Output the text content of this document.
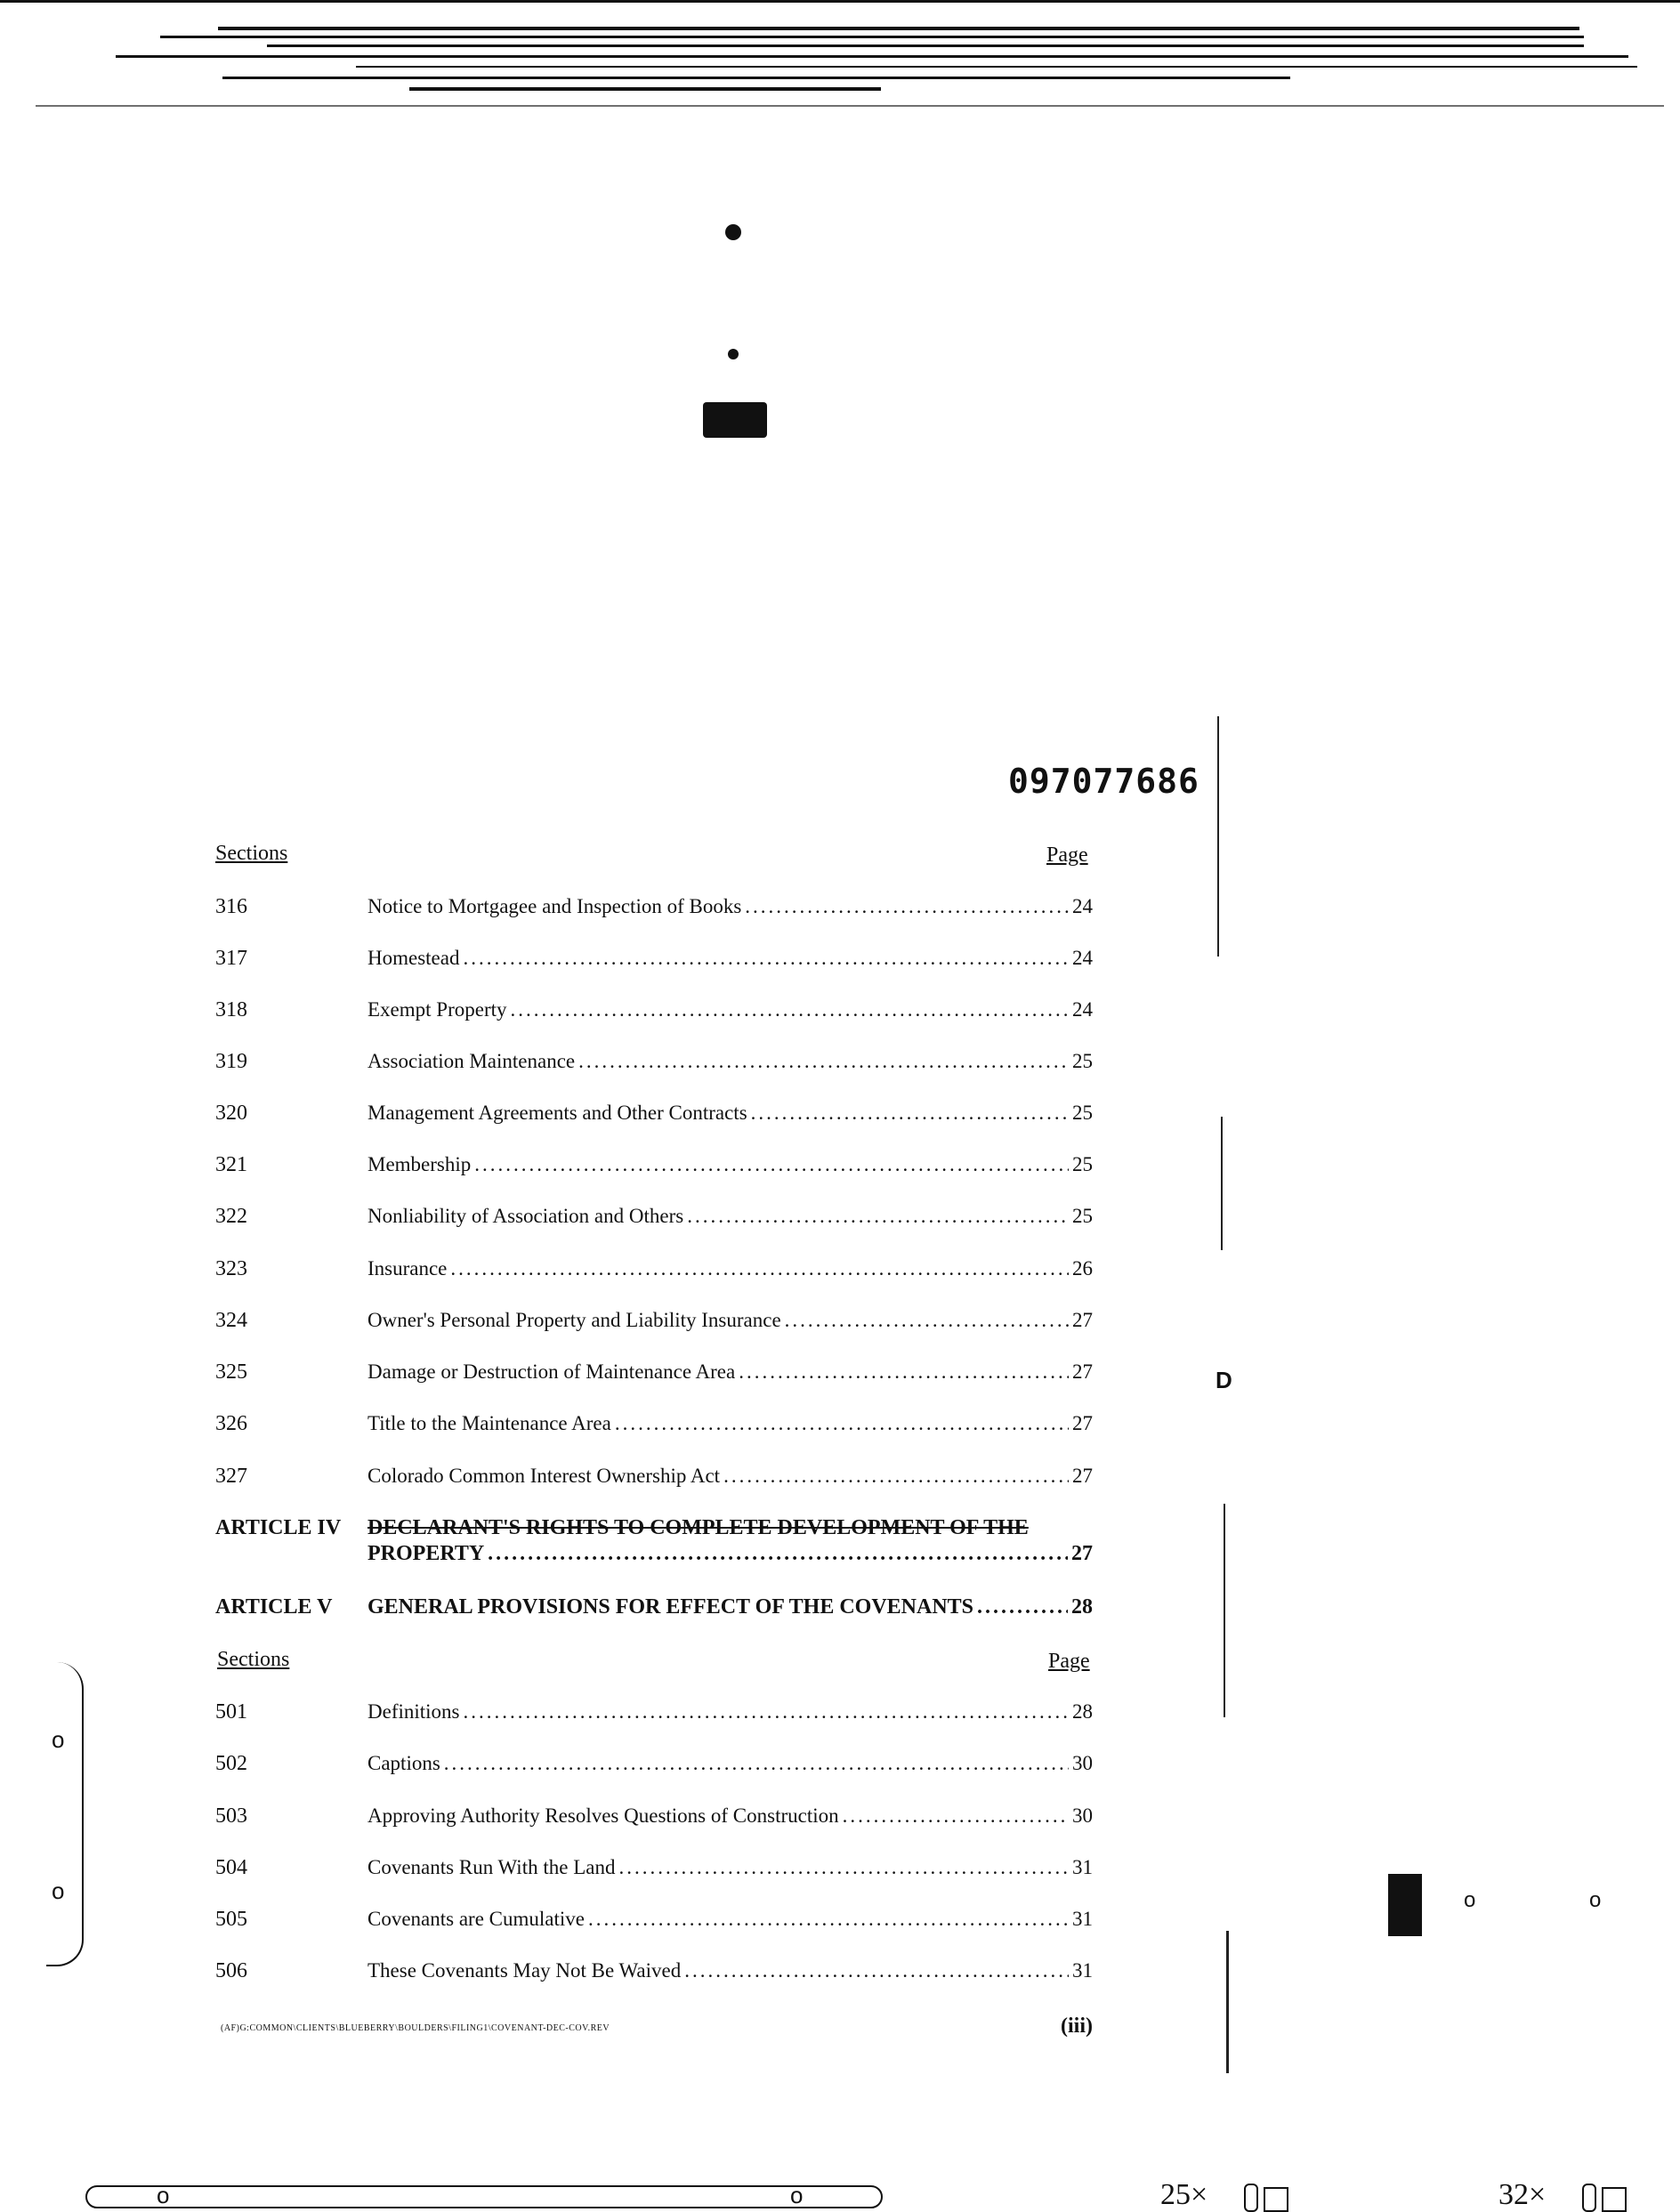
097077686
Sections	Page
316	Notice to Mortgagee and Inspection of Books .....	24
317	Homestead .....	24
318	Exempt Property .....	24
319	Association Maintenance .....	25
320	Management Agreements and Other Contracts .....	25
321	Membership .....	25
322	Nonliability of Association and Others .....	25
323	Insurance .....	26
324	Owner's Personal Property and Liability Insurance .....	27
325	Damage or Destruction of Maintenance Area .....	27
326	Title to the Maintenance Area .....	27
327	Colorado Common Interest Ownership Act .....	27
ARTICLE IV	DECLARANT'S RIGHTS TO COMPLETE DEVELOPMENT OF THE
PROPERTY .....	27
ARTICLE V	GENERAL PROVISIONS FOR EFFECT OF THE COVENANTS .....	28
Sections	Page
501	Definitions .....	28
502	Captions .....	30
503	Approving Authority Resolves Questions of Construction .....	30
504	Covenants Run With the Land .....	31
505	Covenants are Cumulative .....	31
506	These Covenants May Not Be Waived .....	31
(AF)G:COMMON\CLIENTS\BLUEBERRY\BOULDERS\FILING1\COVENANT-DEC-COV.REV	(iii)
D
o
o	o	o
o	o	25×	32×
